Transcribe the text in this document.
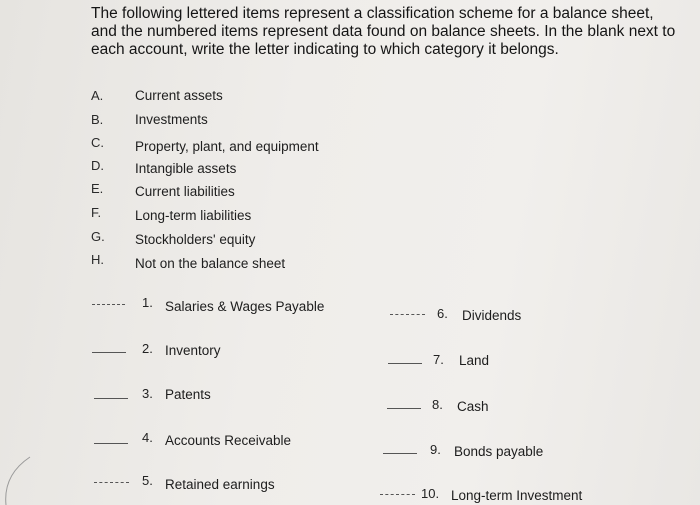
The following lettered items represent a classification scheme for a balance sheet, and the numbered items represent data found on balance sheets. In the blank next to each account, write the letter indicating to which category it belongs.
A.	Current assets
B.	Investments
C.	Property, plant, and equipment
D.	Intangible assets
E.	Current liabilities
F.	Long-term liabilities
G.	Stockholders' equity
H.	Not on the balance sheet
1. Salaries & Wages Payable
2. Inventory
3. Patents
4. Accounts Receivable
5. Retained earnings
6. Dividends
7. Land
8. Cash
9. Bonds payable
10. Long-term Investment
